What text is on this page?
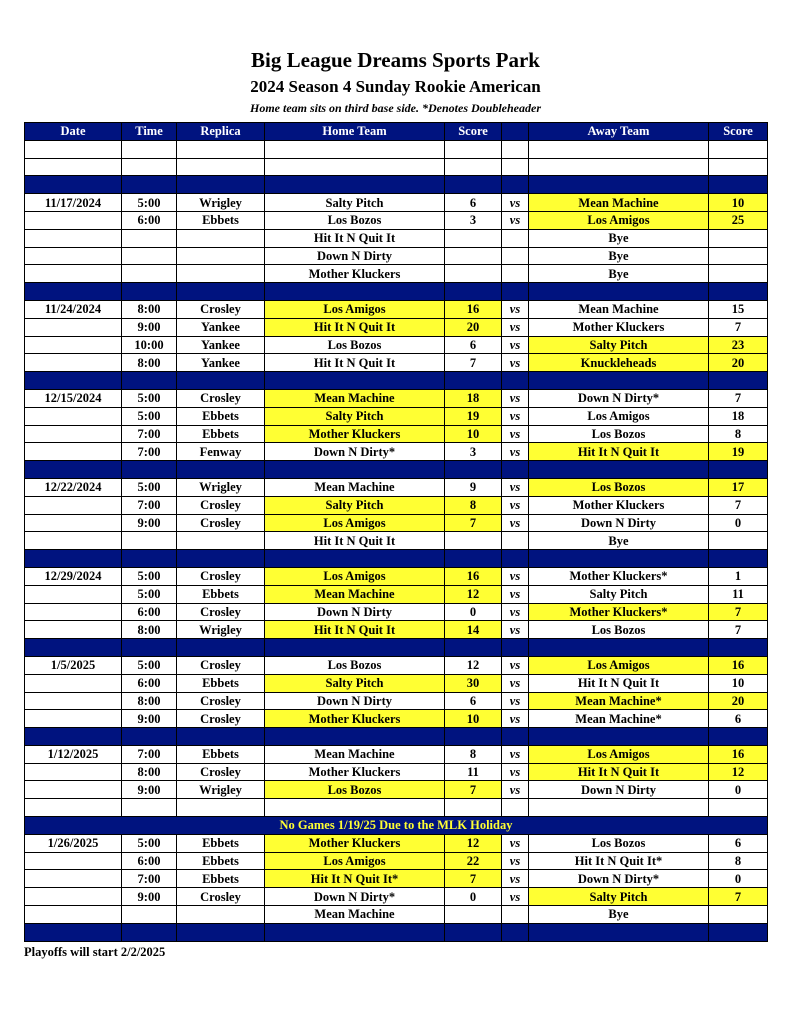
Big League Dreams Sports Park
2024 Season 4 Sunday Rookie American
Home team sits on third base side. *Denotes Doubleheader
Date	Time	Replica	Home Team	Score		Away Team	Score

11/17/2024	5:00	Wrigley	Salty Pitch	6	vs	Mean Machine	10
	6:00	Ebbets	Los Bozos	3	vs	Los Amigos	25
			Hit It N Quit It			Bye	
			Down N Dirty			Bye	
			Mother Kluckers			Bye	

11/24/2024	8:00	Crosley	Los Amigos	16	vs	Mean Machine	15
	9:00	Yankee	Hit It N Quit It	20	vs	Mother Kluckers	7
	10:00	Yankee	Los Bozos	6	vs	Salty Pitch	23
	8:00	Yankee	Hit It N Quit It	7	vs	Knuckleheads	20

12/15/2024	5:00	Crosley	Mean Machine	18	vs	Down N Dirty*	7
	5:00	Ebbets	Salty Pitch	19	vs	Los Amigos	18
	7:00	Ebbets	Mother Kluckers	10	vs	Los Bozos	8
	7:00	Fenway	Down N Dirty*	3	vs	Hit It N Quit It	19

12/22/2024	5:00	Wrigley	Mean Machine	9	vs	Los Bozos	17
	7:00	Crosley	Salty Pitch	8	vs	Mother Kluckers	7
	9:00	Crosley	Los Amigos	7	vs	Down N Dirty	0
			Hit It N Quit It			Bye	

12/29/2024	5:00	Crosley	Los Amigos	16	vs	Mother Kluckers*	1
	5:00	Ebbets	Mean Machine	12	vs	Salty Pitch	11
	6:00	Crosley	Down N Dirty	0	vs	Mother Kluckers*	7
	8:00	Wrigley	Hit It N Quit It	14	vs	Los Bozos	7

1/5/2025	5:00	Crosley	Los Bozos	12	vs	Los Amigos	16
	6:00	Ebbets	Salty Pitch	30	vs	Hit It N Quit It	10
	8:00	Crosley	Down N Dirty	6	vs	Mean Machine*	20
	9:00	Crosley	Mother Kluckers	10	vs	Mean Machine*	6

1/12/2025	7:00	Ebbets	Mean Machine	8	vs	Los Amigos	16
	8:00	Crosley	Mother Kluckers	11	vs	Hit It N Quit It	12
	9:00	Wrigley	Los Bozos	7	vs	Down N Dirty	0

No Games 1/19/25 Due to the MLK Holiday							
1/26/2025	5:00	Ebbets	Mother Kluckers	12	vs	Los Bozos	6
	6:00	Ebbets	Los Amigos	22	vs	Hit It N Quit It*	8
	7:00	Ebbets	Hit It N Quit It*	7	vs	Down N Dirty*	0
	9:00	Crosley	Down N Dirty*	0	vs	Salty Pitch	7
			Mean Machine			Bye	

Playoffs will start 2/2/2025
